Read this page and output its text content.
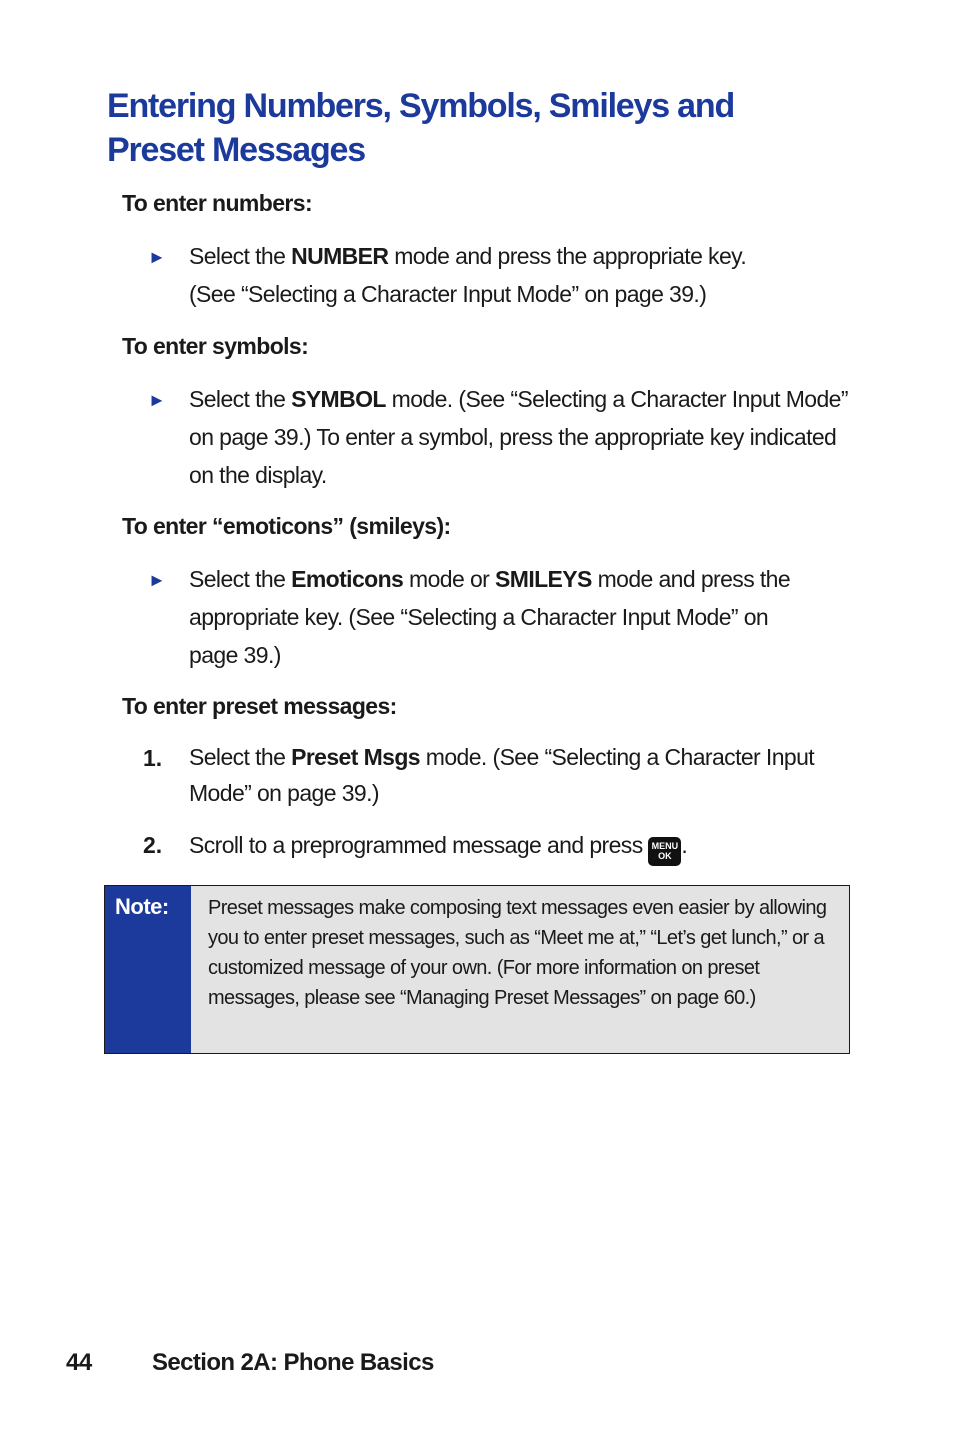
Entering Numbers, Symbols, Smileys and Preset Messages
To enter numbers:
► Select the NUMBER mode and press the appropriate key.
(See “Selecting a Character Input Mode” on page 39.)

To enter symbols:
► Select the SYMBOL mode. (See “Selecting a Character Input Mode” on page 39.) To enter a symbol, press the appropriate key indicated on the display.

To enter “emoticons” (smileys):
► Select the Emoticons mode or SMILEYS mode and press the appropriate key. (See “Selecting a Character Input Mode” on page 39.)

To enter preset messages:
1. Select the Preset Msgs mode. (See “Selecting a Character Input Mode” on page 39.)

2. Scroll to a preprogrammed message and press MENU
OK .

Note:	Preset messages make composing text messages even easier by allowing you to enter preset messages, such as “Meet me at,” “Let’s get lunch,” or a customized message of your own. (For more information on preset messages, please see “Managing Preset Messages” on page 60.)
44	Section 2A: Phone Basics
